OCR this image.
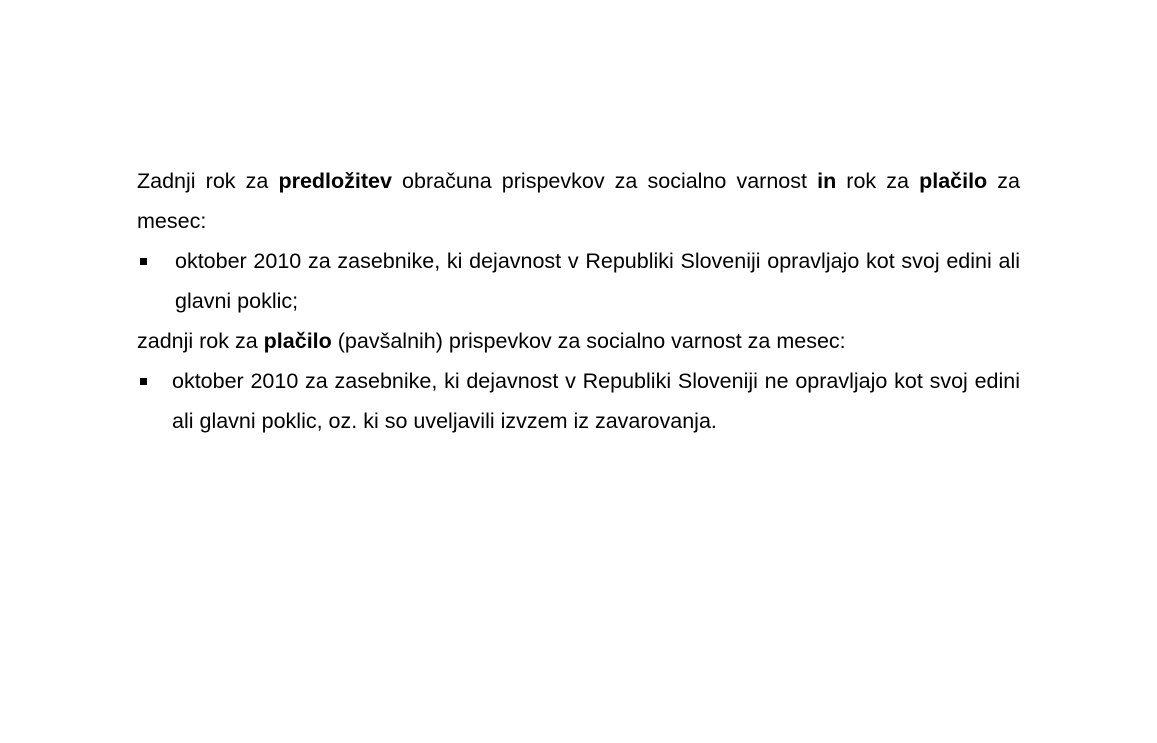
Zadnji rok za predložitev obračuna prispevkov za socialno varnost in rok za plačilo za mesec:

oktober 2010 za zasebnike, ki dejavnost v Republiki Sloveniji opravljajo kot svoj edini ali glavni poklic;

zadnji rok za plačilo (pavšalnih) prispevkov za socialno varnost za mesec:

oktober 2010 za zasebnike, ki dejavnost v Republiki Sloveniji ne opravljajo kot svoj edini ali glavni poklic, oz. ki so uveljavili izvzem iz zavarovanja.
